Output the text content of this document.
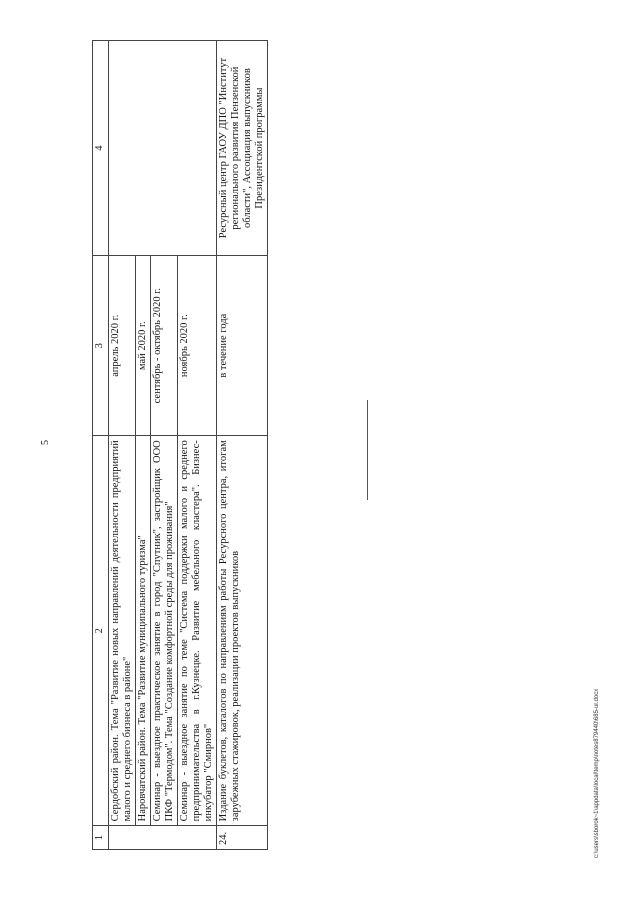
5
1	2	3	4
	Сердобский район. Тема "Развитие новых направлений деятельности предприятий малого и среднего бизнеса в районе"	апрель 2020 г.	
	Наровчатский район. Тема "Развитие муниципального туризма"	май 2020 г.	
	Семинар - выездное практическое занятие в город "Спутник", застройщик ООО ПКФ "Термодом". Тема "Создание комфортной среды для проживания"	сентябрь - октябрь 2020 г.	
	Семинар - выездное занятие по теме "Система поддержки малого и среднего предпринимательства в г.Кузнецке. Развитие мебельного кластера". Бизнес-инкубатор "Смирнов"	ноябрь 2020 г.	
24.	Издание буклетов, каталогов по направлениям работы Ресурсного центра, итогам зарубежных стажировок, реализации проектов выпускников	в течение года	Ресурсный центр ГАОУ ДПО "Институт регионального развития Пензенской области", Ассоциация выпускников Президентской программы
c:\users\sborok~1\appdata\local\temp\notes879440\685-ur.docx
